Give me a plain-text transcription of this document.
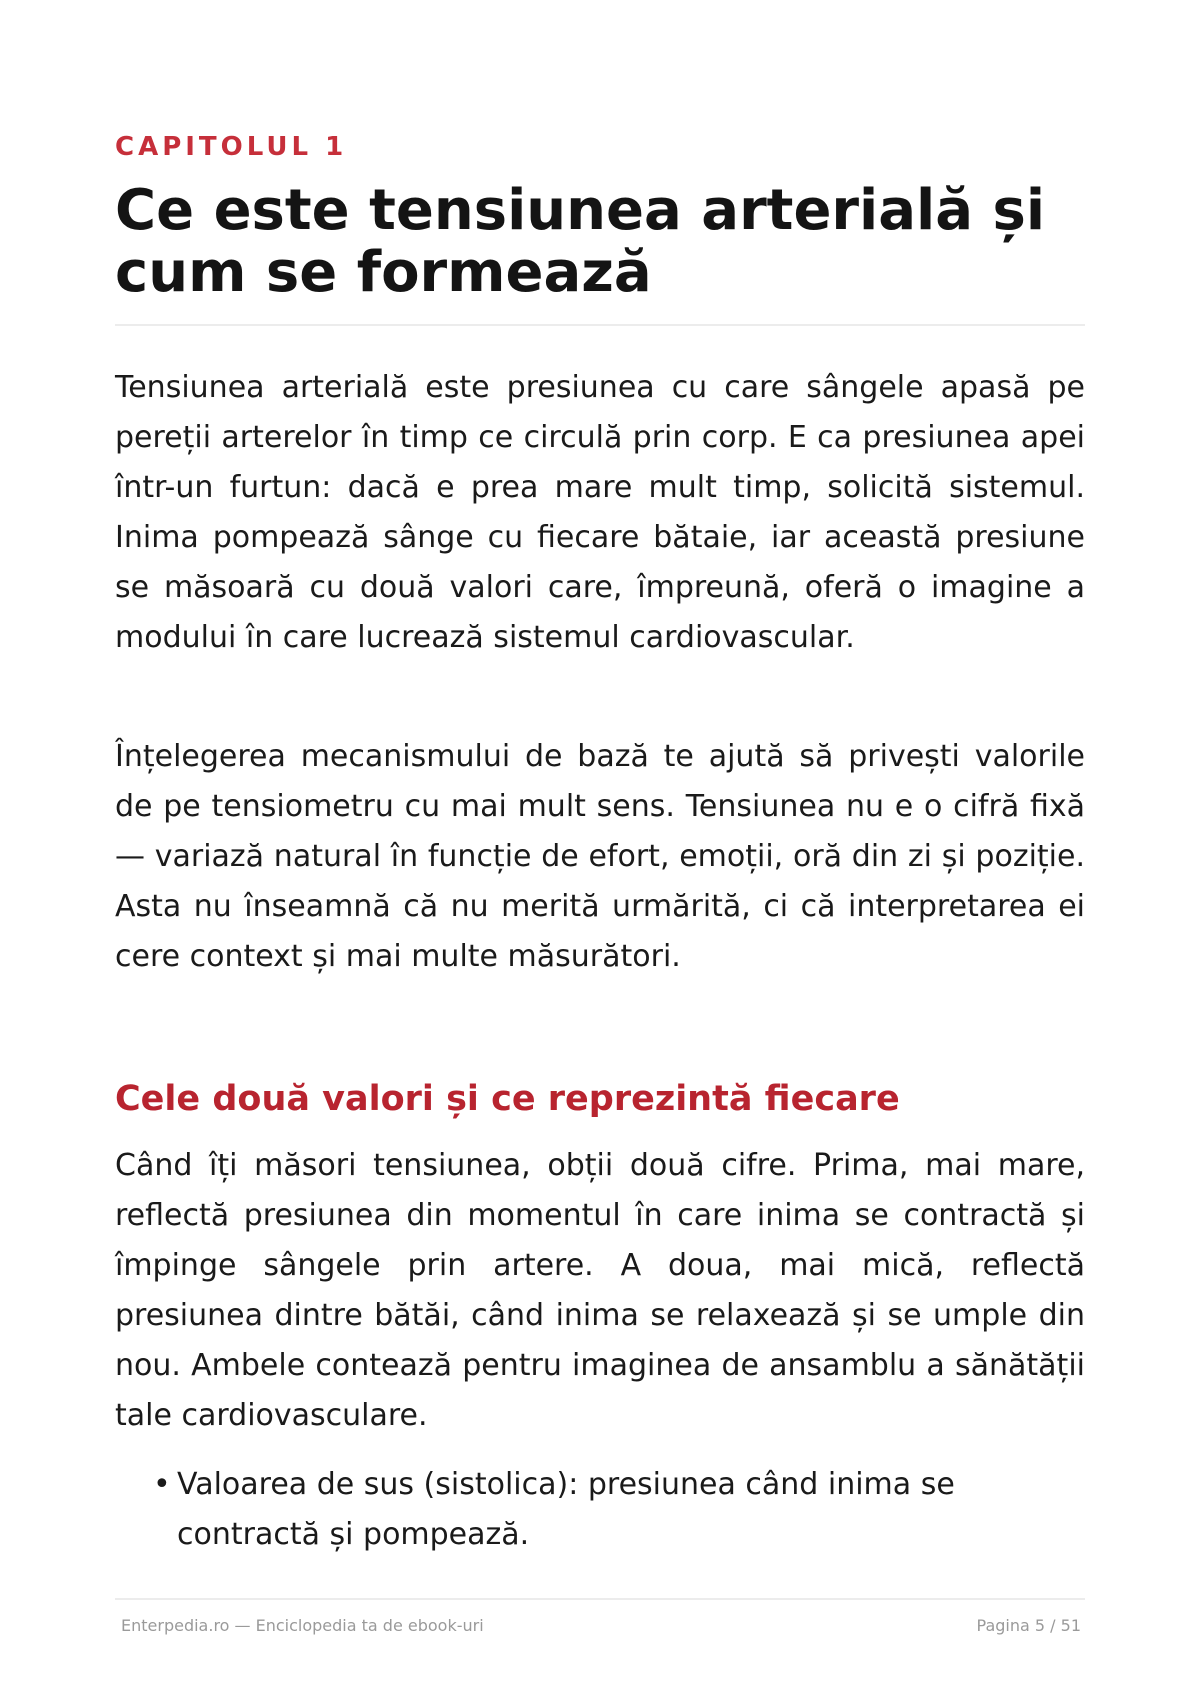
CAPITOLUL 1
Ce este tensiunea arterială și cum se formează

Tensiunea arterială este presiunea cu care sângele apasă pe pereții arterelor în timp ce circulă prin corp. E ca presiunea apei într-un furtun: dacă e prea mare mult timp, solicită sistemul. Inima pompează sânge cu fiecare bătaie, iar această presiune se măsoară cu două valori care, împreună, oferă o imagine a modului în care lucrează sistemul cardiovascular.

Înțelegerea mecanismului de bază te ajută să privești valorile de pe tensiometru cu mai mult sens. Tensiunea nu e o cifră fixă — variază natural în funcție de efort, emoții, oră din zi și poziție. Asta nu înseamnă că nu merită urmărită, ci că interpretarea ei cere context și mai multe măsurători.

Cele două valori și ce reprezintă fiecare

Când îți măsori tensiunea, obții două cifre. Prima, mai mare, reflectă presiunea din momentul în care inima se contractă și împinge sângele prin artere. A doua, mai mică, reflectă presiunea dintre bătăi, când inima se relaxează și se umple din nou. Ambele contează pentru imaginea de ansamblu a sănătății tale cardiovasculare.

• Valoarea de sus (sistolica): presiunea când inima se contractă și pompează.
Enterpedia.ro — Enciclopedia ta de ebook-uri	Pagina 5 / 51
